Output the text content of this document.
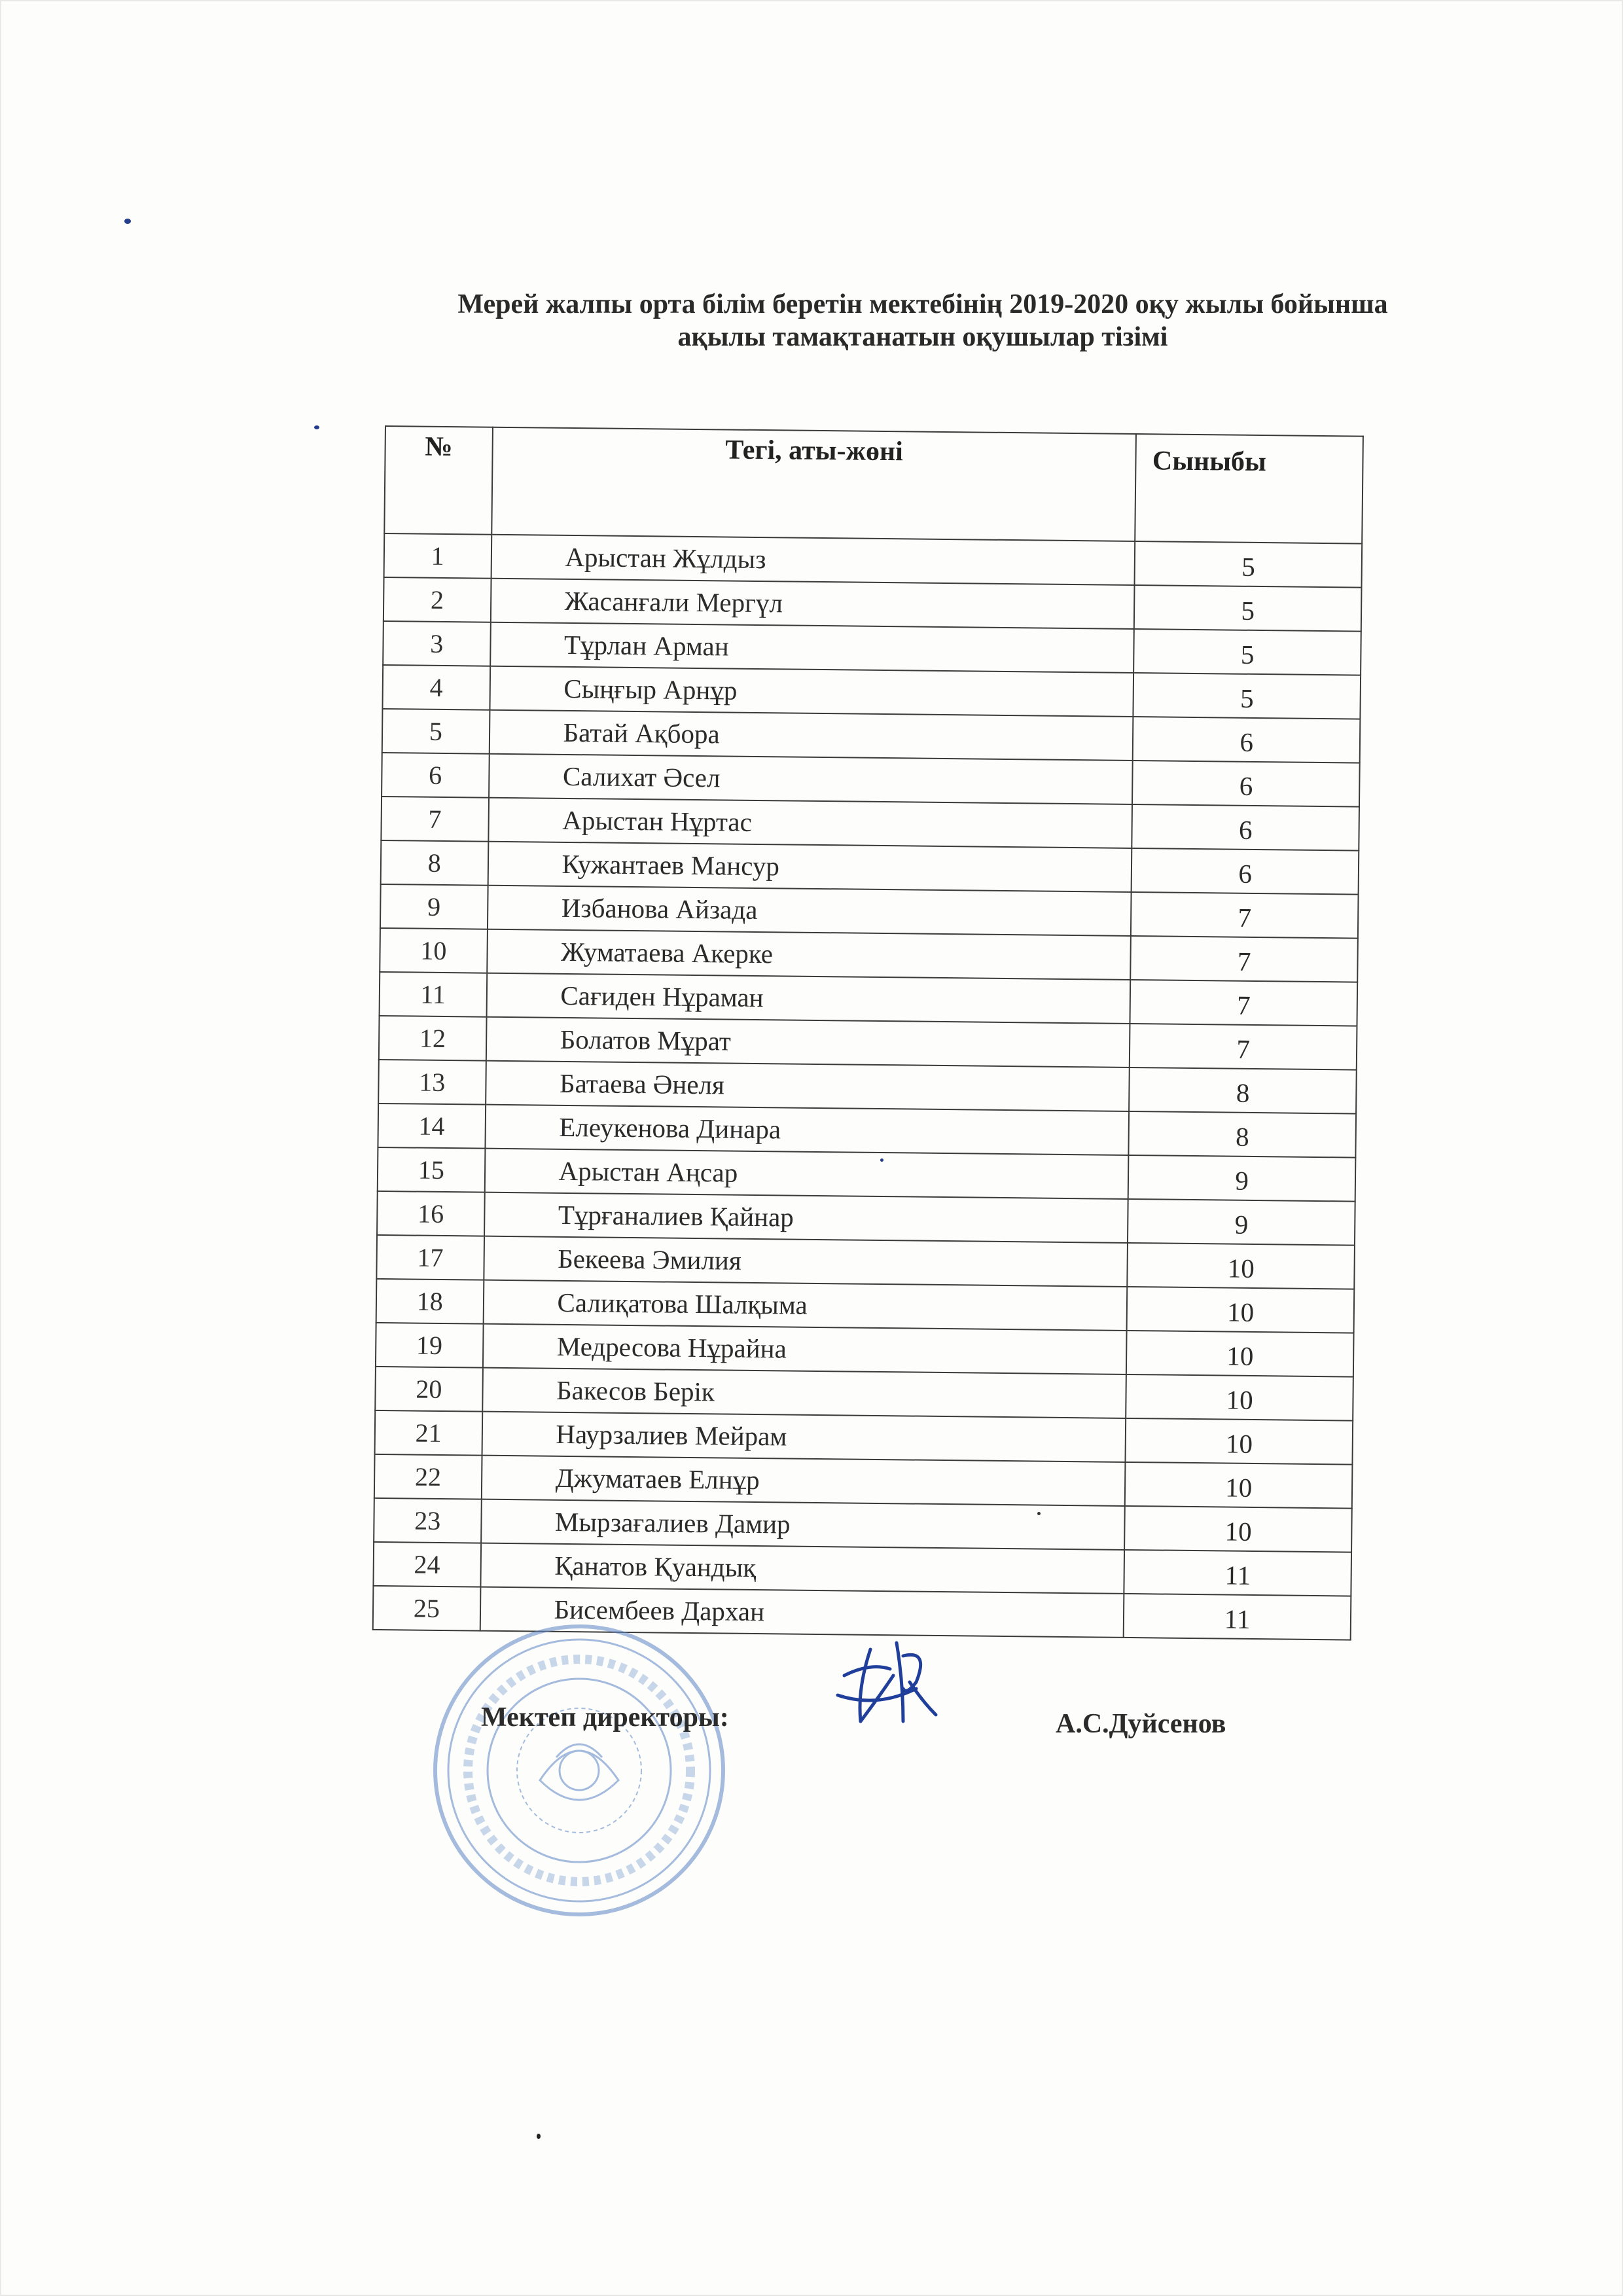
Мерей жалпы орта білім беретін мектебінің 2019-2020 оқу жылы бойынша
ақылы тамақтанатын оқушылар тізімі
№	Тегі, аты-жөні	Сыныбы
1	Арыстан Жұлдыз	5
2	Жасанғали Мергүл	5
3	Тұрлан Арман	5
4	Сыңғыр Арнұр	5
5	Батай Ақбора	6
6	Салихат Әсел	6
7	Арыстан Нұртас	6
8	Кужантаев Мансур	6
9	Избанова Айзада	7
10	Жуматаева Акерке	7
11	Сағиден Нұраман	7
12	Болатов Мұрат	7
13	Батаева Әнеля	8
14	Елеукенова Динара	8
15	Арыстан Аңсар	9
16	Тұрғаналиев Қайнар	9
17	Бекеева Эмилия	10
18	Салиқатова Шалқыма	10
19	Медресова Нұрайна	10
20	Бакесов Берік	10
21	Наурзалиев Мейрам	10
22	Джуматаев Елнұр	10
23	Мырзағалиев Дамир	10
24	Қанатов Қуандық	11
25	Бисембеев Дархан	11
Мектеп директоры:	А.С.Дуйсенов
